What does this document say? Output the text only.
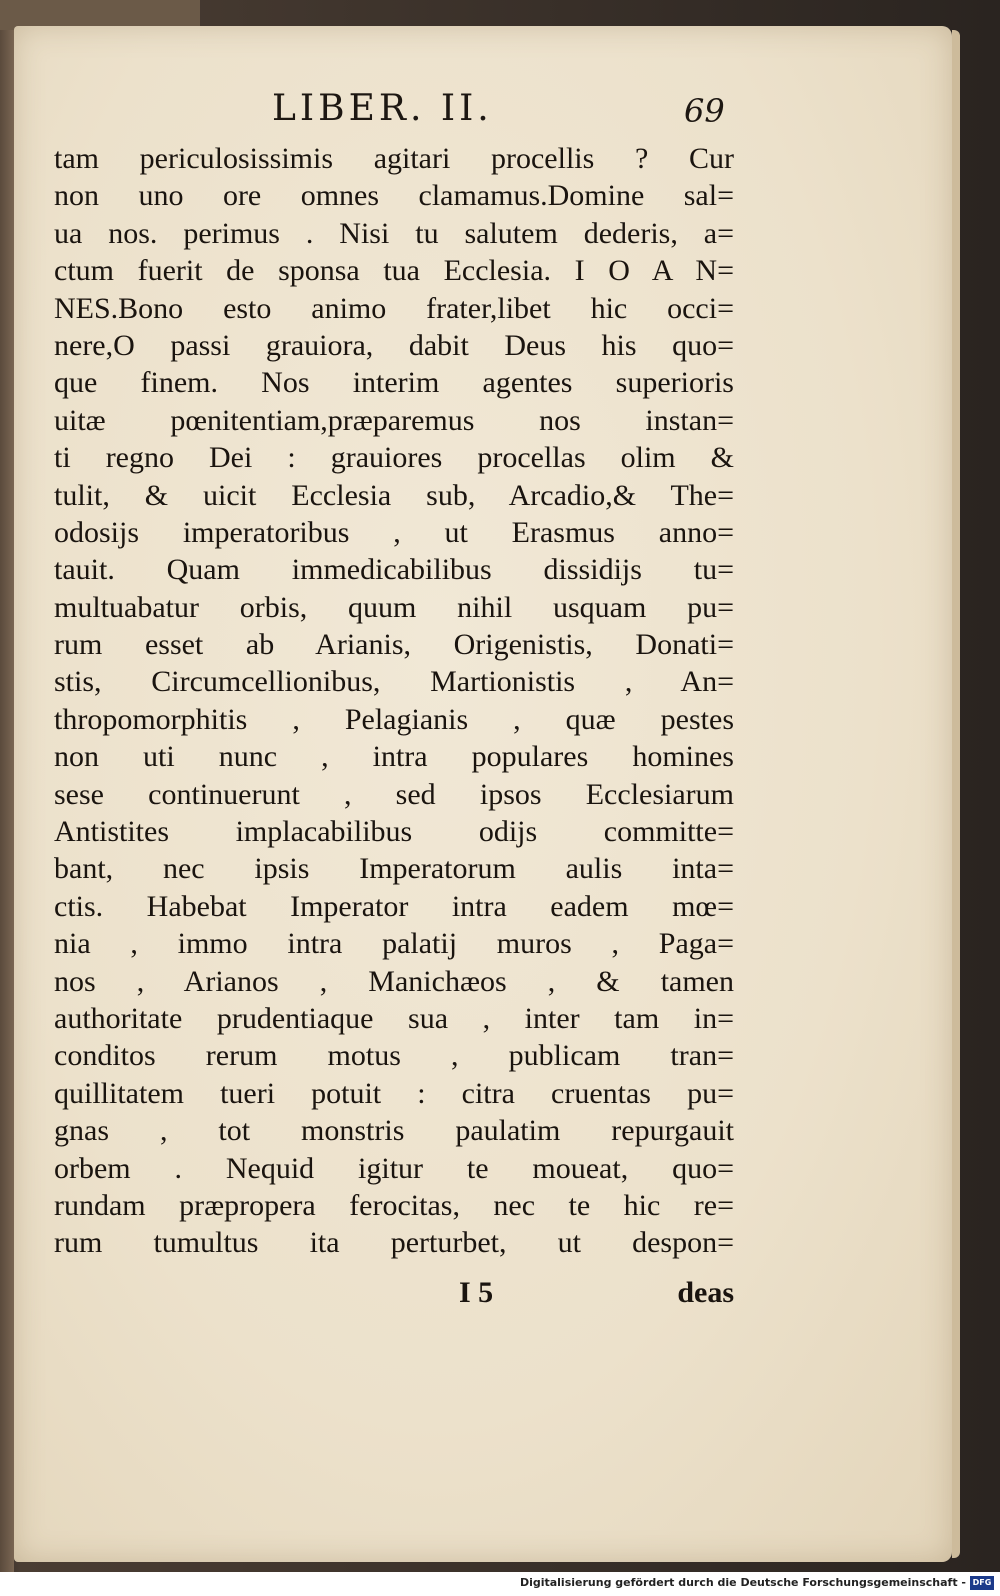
LIBER. II.	69
tam periculosissimis agitari procellis ? Cur
non uno ore omnes clamamus.Domine sal=
ua nos. perimus . Nisi tu salutem dederis, a=
ctum fuerit de sponsa tua Ecclesia. I O A N=
NES.Bono esto animo frater,libet hic occi=
nere,O passi grauiora, dabit Deus his quo=
que finem. Nos interim agentes superioris
uitæ pœnitentiam,præparemus nos instan=
ti regno Dei : grauiores procellas olim &
tulit, & uicit Ecclesia sub, Arcadio,& The=
odosijs imperatoribus , ut Erasmus anno=
tauit. Quam immedicabilibus dissidijs tu=
multuabatur orbis, quum nihil usquam pu=
rum esset ab Arianis, Origenistis, Donati=
stis, Circumcellionibus, Martionistis , An=
thropomorphitis , Pelagianis , quæ pestes
non uti nunc , intra populares homines
sese continuerunt , sed ipsos Ecclesiarum
Antistites implacabilibus odijs committe=
bant, nec ipsis Imperatorum aulis inta=
ctis. Habebat Imperator intra eadem mœ=
nia , immo intra palatij muros , Paga=
nos , Arianos , Manichæos , & tamen
authoritate prudentiaque sua , inter tam in=
conditos rerum motus , publicam tran=
quillitatem tueri potuit : citra cruentas pu=
gnas , tot monstris paulatim repurgauit
orbem . Nequid igitur te moueat, quo=
rundam præpropera ferocitas, nec te hic re=
rum tumultus ita perturbet, ut despon=
I 5	deas
Digitalisierung gefördert durch die Deutsche Forschungsgemeinschaft - DFG
